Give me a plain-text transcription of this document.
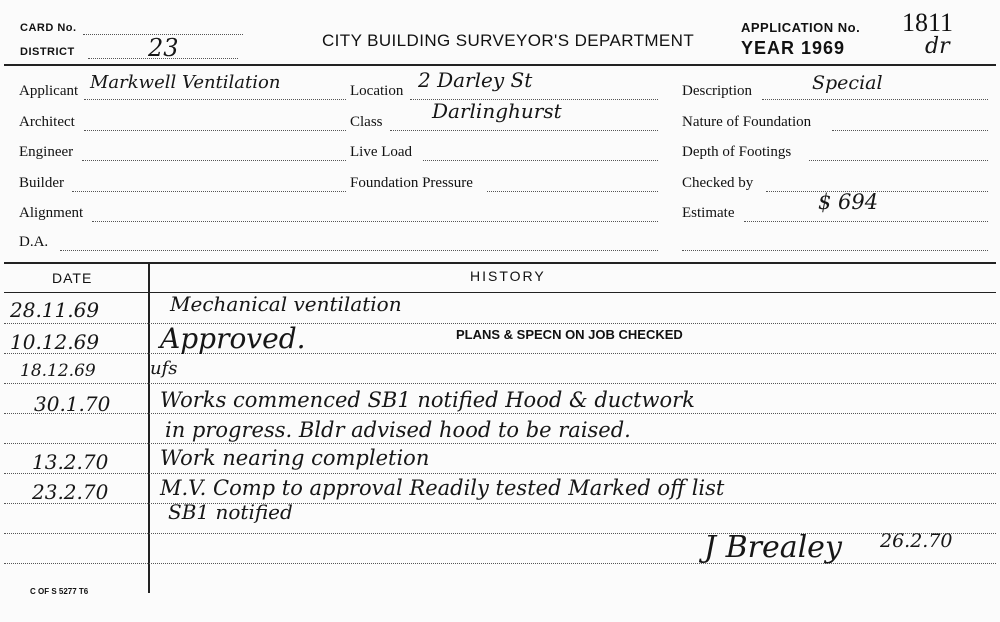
CARD No.
DISTRICT	23	CITY BUILDING SURVEYOR'S DEPARTMENT
APPLICATION No. 1811
YEAR 1969	dr
Applicant Markwell Ventilation
Architect
Engineer
Builder
Alignment
D.A.
Location 2 Darley St
Class Darlinghurst
Live Load
Foundation Pressure
Description	Special
Nature of Foundation
Depth of Footings
Checked by
Estimate	$ 694
DATE	HISTORY
28.11.69	Mechanical ventilation
10.12.69 Approved.	PLANS & SPECN ON JOB CHECKED
18.12.69	ufs
30.1.70 Works commenced SB1 notified Hood & ductwork
in progress. Bldr advised hood to be raised.
13.2.70 Work nearing completion
23.2.70 M.V. Comp to approval Readily tested Marked off list
SB1 notified
J Brealey 26.2.70
C OF S 5277 T6
